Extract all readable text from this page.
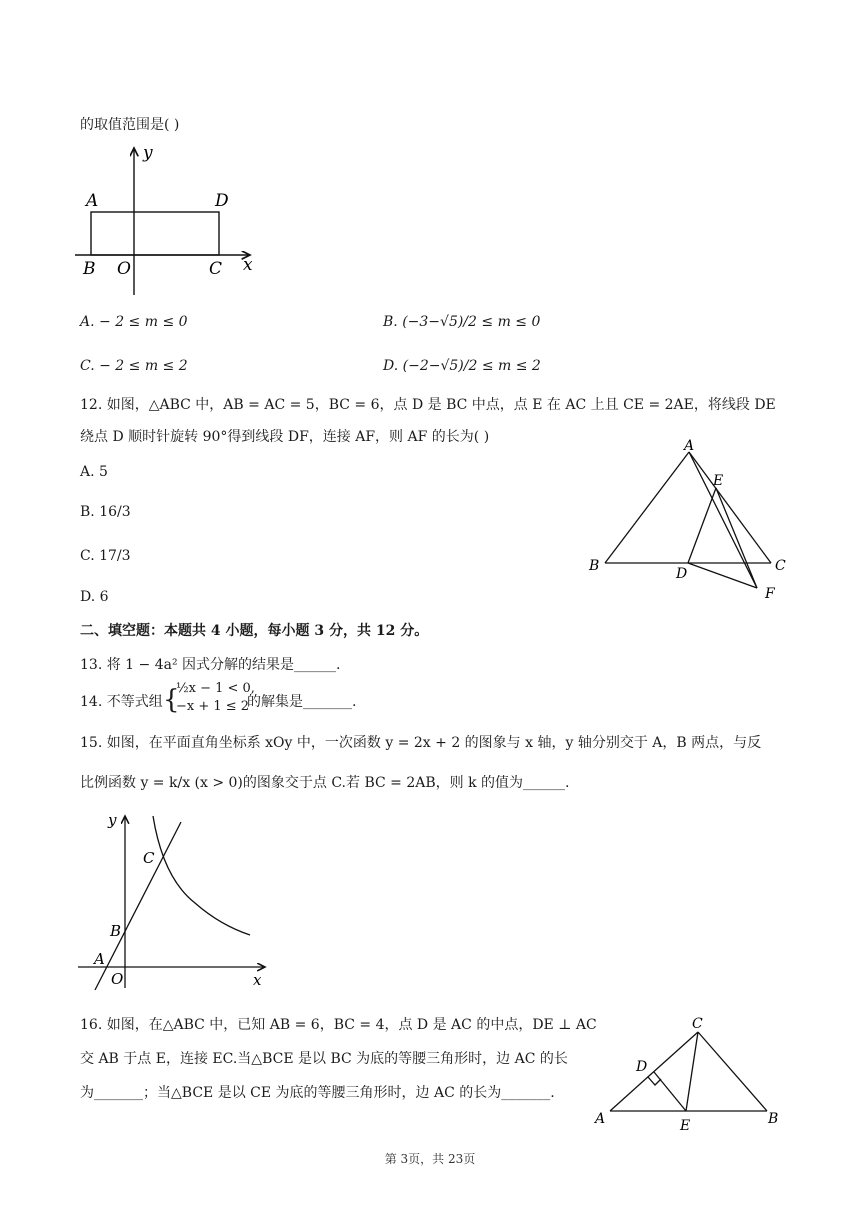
的取值范围是( )
y
x
A	D
B O	C
A. − 2 ≤ m ≤ 0	B. (−3−√5)/2 ≤ m ≤ 0
C. − 2 ≤ m ≤ 2	D. (−2−√5)/2 ≤ m ≤ 2
12. 如图，△ABC 中，AB = AC = 5，BC = 6，点 D 是 BC 中点，点 E 在 AC 上且 CE = 2AE，将线段 DE
绕点 D 顺时针旋转 90°得到线段 DF，连接 AF，则 AF 的长为( )
A. 5
B. 16/3
C. 17/3
D. 6
A
E
B	C
D
F
二、填空题：本题共 4 小题，每小题 3 分，共 12 分。
13. 将 1 − 4a² 因式分解的结果是______.
14. 不等式组 {
½x − 1 < 0,
−x + 1 ≤ 2
的解集是_______.
15. 如图，在平面直角坐标系 xOy 中，一次函数 y = 2x + 2 的图象与 x 轴，y 轴分别交于 A，B 两点，与反
比例函数 y = k/x (x > 0)的图象交于点 C.若 BC = 2AB，则 k 的值为______.
y
x
C
B
A
O
16. 如图，在△ABC 中，已知 AB = 6，BC = 4，点 D 是 AC 的中点，DE ⊥ AC
交 AB 于点 E，连接 EC.当△BCE 是以 BC 为底的等腰三角形时，边 AC 的长
为_______；当△BCE 是以 CE 为底的等腰三角形时，边 AC 的长为_______.
C
D
A	E	B
第 3页，共 23页
